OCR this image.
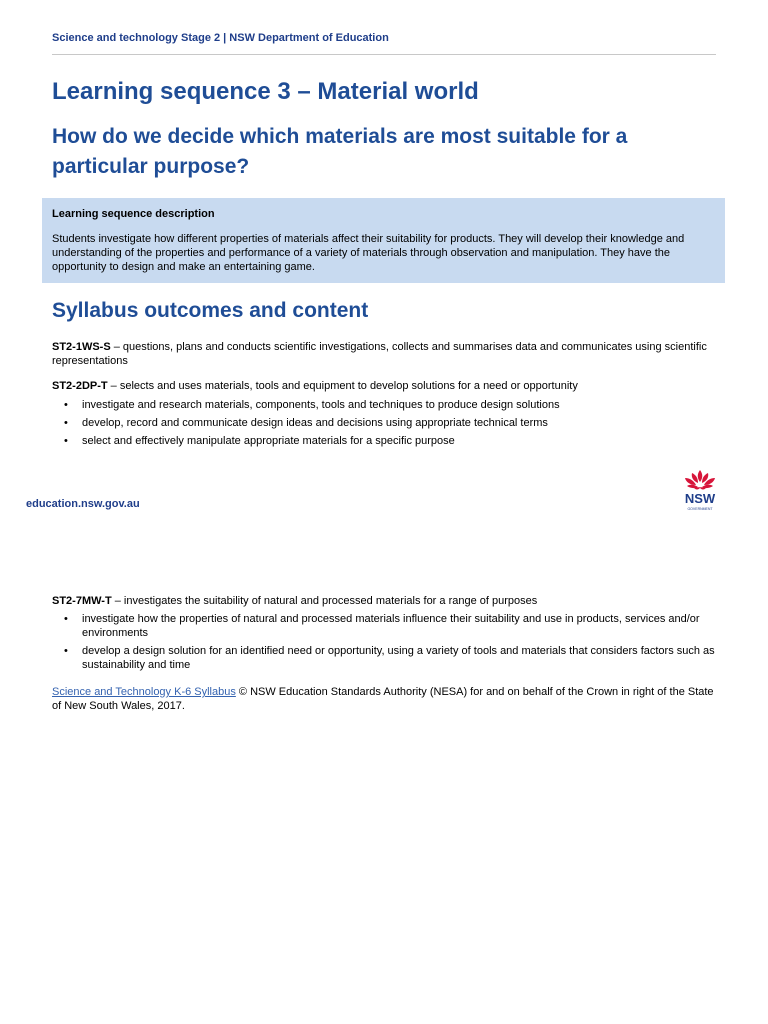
Science and technology Stage 2 | NSW Department of Education
Learning sequence 3 – Material world
How do we decide which materials are most suitable for a particular purpose?

Learning sequence description

Students investigate how different properties of materials affect their suitability for products. They will develop their knowledge and understanding of the properties and performance of a variety of materials through observation and manipulation. They have the opportunity to design and make an entertaining game.

Syllabus outcomes and content

ST2-1WS-S – questions, plans and conducts scientific investigations, collects and summarises data and communicates using scientific representations

ST2-2DP-T – selects and uses materials, tools and equipment to develop solutions for a need or opportunity

• investigate and research materials, components, tools and techniques to produce design solutions
• develop, record and communicate design ideas and decisions using appropriate technical terms
• select and effectively manipulate appropriate materials for a specific purpose
education.nsw.gov.au	NSW
GOVERNMENT

ST2-7MW-T – investigates the suitability of natural and processed materials for a range of purposes

• investigate how the properties of natural and processed materials influence their suitability and use in products, services and/or environments
• develop a design solution for an identified need or opportunity, using a variety of tools and materials that considers factors such as sustainability and time

Science and Technology K-6 Syllabus © NSW Education Standards Authority (NESA) for and on behalf of the Crown in right of the State of New South Wales, 2017.
